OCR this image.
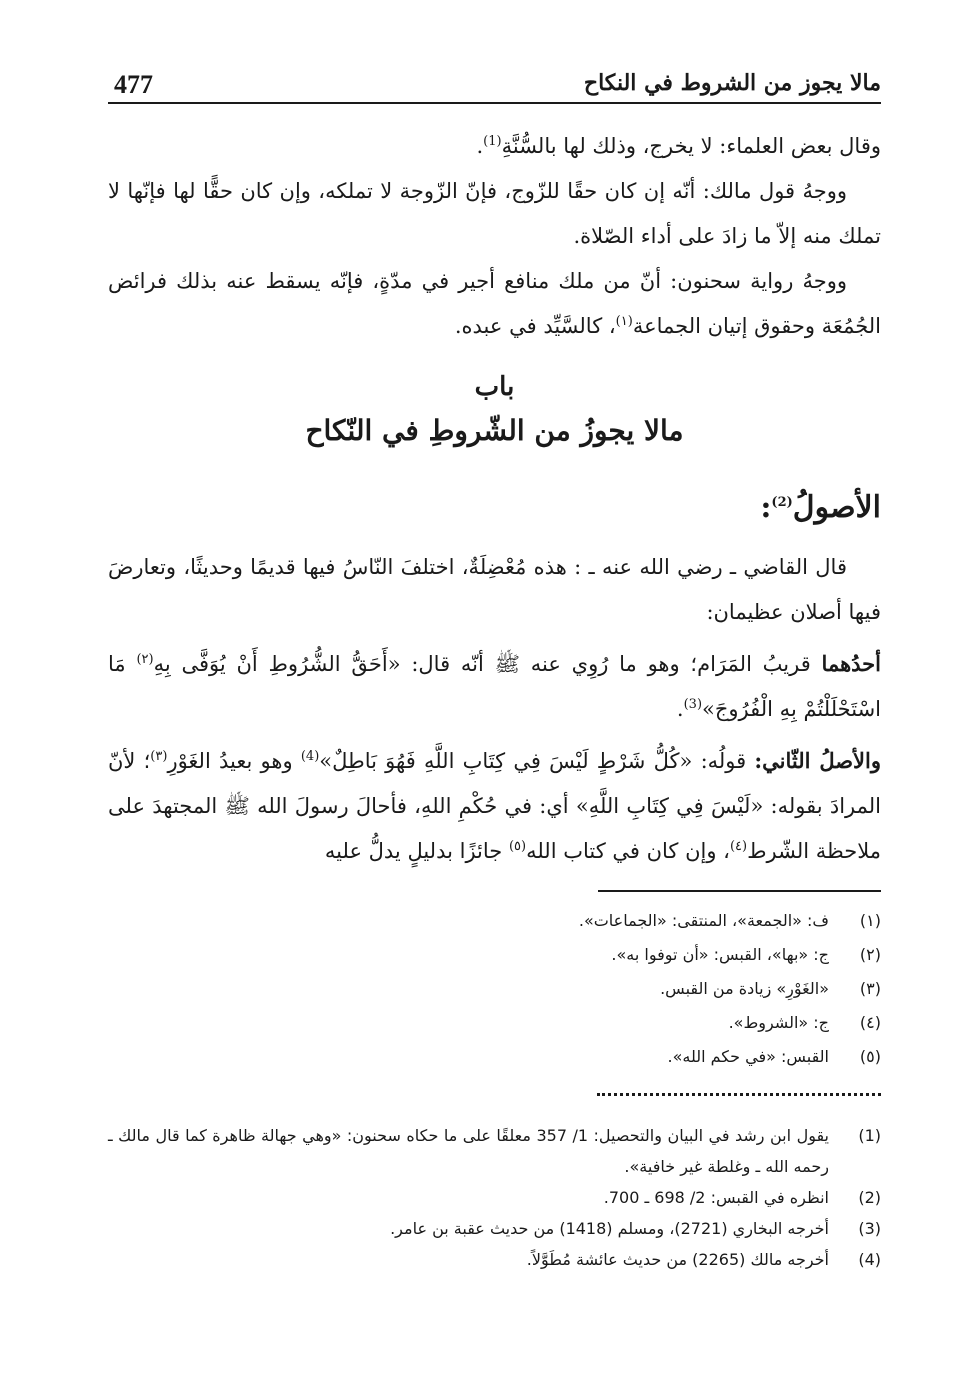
477	مالا يجوز من الشروط في النكاح

وقال بعض العلماء: لا يخرج، وذلك لها بالسُّنَّةِ$^{(1)}$.

ووجهُ قول مالك: أنّه إن كان حقًا للزّوج، فإنّ الزّوجة لا تملكه، وإن كان حقًّا لها فإنّها لا تملك منه إلاّ ما زادَ على أداء الصّلاة.

ووجهُ رواية سحنون: أنّ من ملك منافع أجير في مدّةٍ، فإنّه يسقط عنه بذلك فرائض الجُمُعَة وحقوق إتيان الجماعة$^{(١)}$، كالسَّيِّد في عبده.

باب
مالا يجوزُ من الشّروطِ في النّكاح
الأصولُ$^{(2)}$:

قال القاضي ـ رضي الله عنه ـ : هذه مُعْضِلَةٌ، اختلفَ النّاسُ فيها قديمًا وحديثًا، وتعارضَ فيها أصلان عظيمان:

أحدُهما قريبُ المَرَام؛ وهو ما رُوِي عنه ﷺ أنّه قال: «أَحَقُّ الشُّرُوطِ أَنْ يُوَفَّى بِهِ$^{(٢)}$ مَا اسْتَحْلَلْتُمْ بِهِ الْفُرُوجَ»$^{(3)}$.

والأصلُ الثّاني: قولُه: «كُلُّ شَرْطٍ لَيْسَ فِي كِتَابِ اللَّهِ فَهُوَ بَاطِلٌ»$^{(4)}$ وهو بعيدُ الغَوْرِ$^{(٣)}$؛ لأنّ المرادَ بقوله: «لَيْسَ فِي كِتَابِ اللَّهِ» أي: في حُكْمِ اللهِ، فأحالَ رسولَ الله ﷺ المجتهدَ على ملاحظة الشّرط$^{(٤)}$، وإن كان في كتاب الله$^{(٥)}$ جائزًا بدليلٍ يدلُّ عليه

(١)
ف: «الجمعة»، المنتقى: «الجماعات».
(٢)
ج: «بها»، القبس: «أن توفوا به».
(٣)
«الغَوْرِ» زيادة من القبس.
(٤)
ج: «الشروط».
(٥)
القبس: «في حكم الله».
(1)
يقول ابن رشد في البيان والتحصيل: 1/ 357 معلقًا على ما حكاه سحنون: «وهي جهالة ظاهرة كما قال مالك ـ رحمه الله ـ وغلطة غير خافية».
(2)
انظره في القبس: 2/ 698 ـ 700.
(3)
أخرجه البخاري (2721)، ومسلم (1418) من حديث عقبة بن عامر.
(4)
أخرجه مالك (2265) من حديث عائشة مُطَوَّلاً.
